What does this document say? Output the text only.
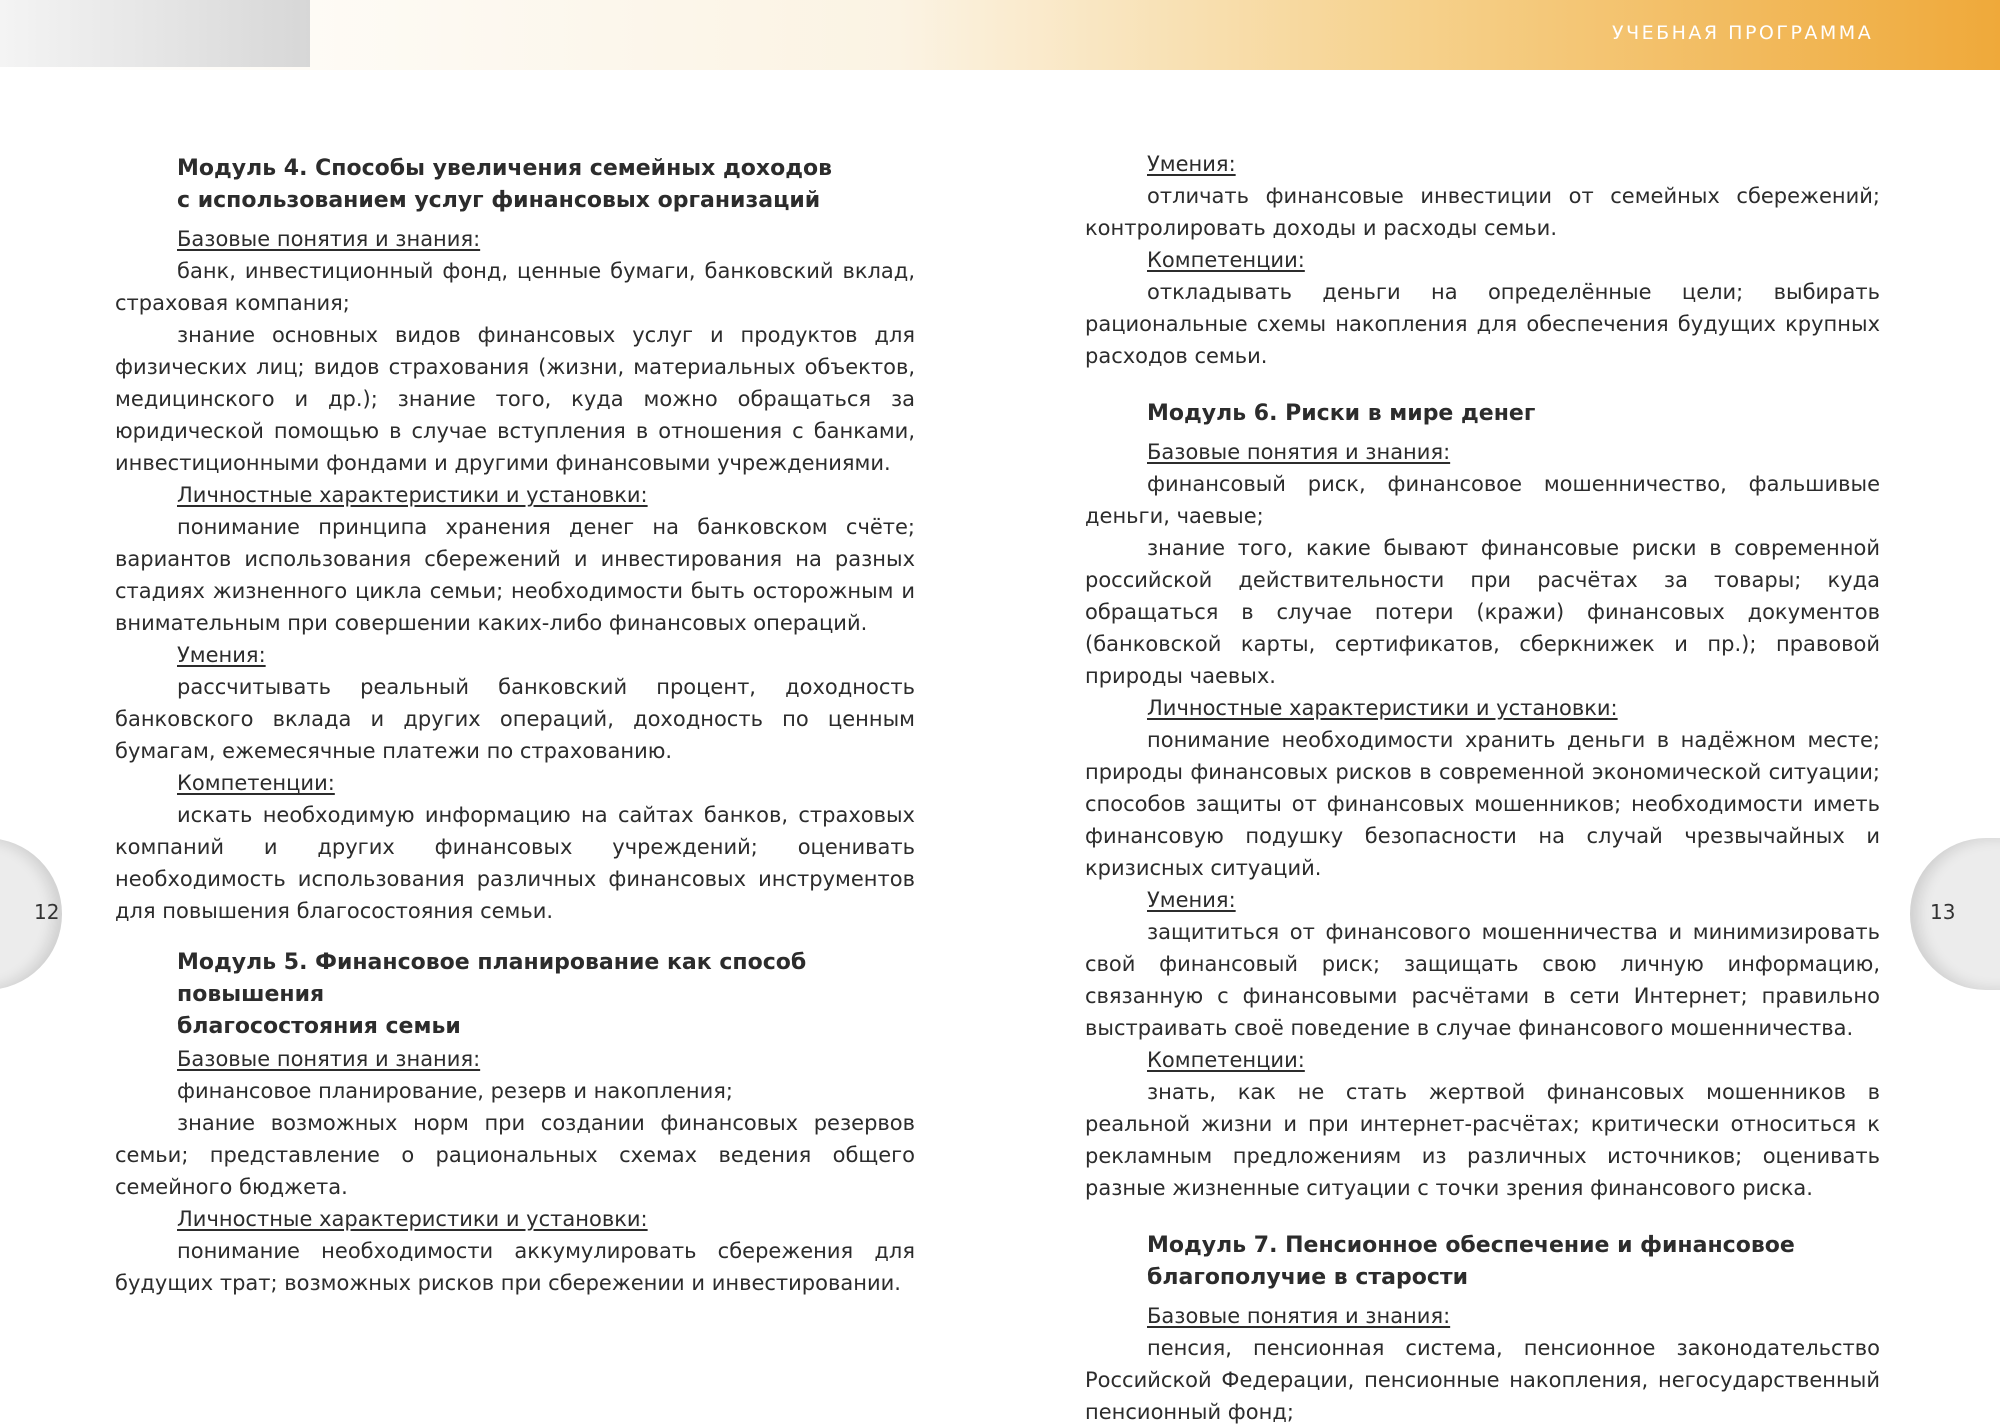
УЧЕБНАЯ ПРОГРАММА
12	13

Модуль 4. Способы увеличения семейных доходов
с использованием услуг финансовых организаций

Базовые понятия и знания:

банк, инвестиционный фонд, ценные бумаги, банковский вклад, страховая компания;

знание основных видов финансовых услуг и продуктов для физических лиц; видов страхования (жизни, материальных объектов, медицинского и др.); знание того, куда можно обращаться за юридической помощью в случае вступления в отношения с банками, инвестиционными фондами и другими финансовыми учреждениями.

Личностные характеристики и установки:

понимание принципа хранения денег на банковском счёте; вариантов использования сбережений и инвестирования на разных стадиях жизненного цикла семьи; необходимости быть осторожным и внимательным при совершении каких-либо финансовых операций.

Умения:

рассчитывать реальный банковский процент, доходность банковского вклада и других операций, доходность по ценным бумагам, ежемесячные платежи по страхованию.

Компетенции:

искать необходимую информацию на сайтах банков, страховых компаний и других финансовых учреждений; оценивать необходимость использования различных финансовых инструментов для повышения благосостояния семьи.

Модуль 5. Финансовое планирование как способ повышения
благосостояния семьи

Базовые понятия и знания:

финансовое планирование, резерв и накопления;

знание возможных норм при создании финансовых резервов семьи; представление о рациональных схемах ведения общего семейного бюджета.

Личностные характеристики и установки:

понимание необходимости аккумулировать сбережения для будущих трат; возможных рисков при сбережении и инвестировании.

Умения:

отличать финансовые инвестиции от семейных сбережений; контролировать доходы и расходы семьи.

Компетенции:

откладывать деньги на определённые цели; выбирать рациональные схемы накопления для обеспечения будущих крупных расходов семьи.

Модуль 6. Риски в мире денег

Базовые понятия и знания:

финансовый риск, финансовое мошенничество, фальшивые деньги, чаевые;

знание того, какие бывают финансовые риски в современной российской действительности при расчётах за товары; куда обращаться в случае потери (кражи) финансовых документов (банковской карты, сертификатов, сберкнижек и пр.); правовой природы чаевых.

Личностные характеристики и установки:

понимание необходимости хранить деньги в надёжном месте; природы финансовых рисков в современной экономической ситуации; способов защиты от финансовых мошенников; необходимости иметь финансовую подушку безопасности на случай чрезвычайных и кризисных ситуаций.

Умения:

защититься от финансового мошенничества и минимизировать свой финансовый риск; защищать свою личную информацию, связанную с финансовыми расчётами в сети Интернет; правильно выстраивать своё поведение в случае финансового мошенничества.

Компетенции:

знать, как не стать жертвой финансовых мошенников в реальной жизни и при интернет-расчётах; критически относиться к рекламным предложениям из различных источников; оценивать разные жизненные ситуации с точки зрения финансового риска.

Модуль 7. Пенсионное обеспечение и финансовое
благополучие в старости

Базовые понятия и знания:

пенсия, пенсионная система, пенсионное законодательство Российской Федерации, пенсионные накопления, негосударственный пенсионный фонд;
